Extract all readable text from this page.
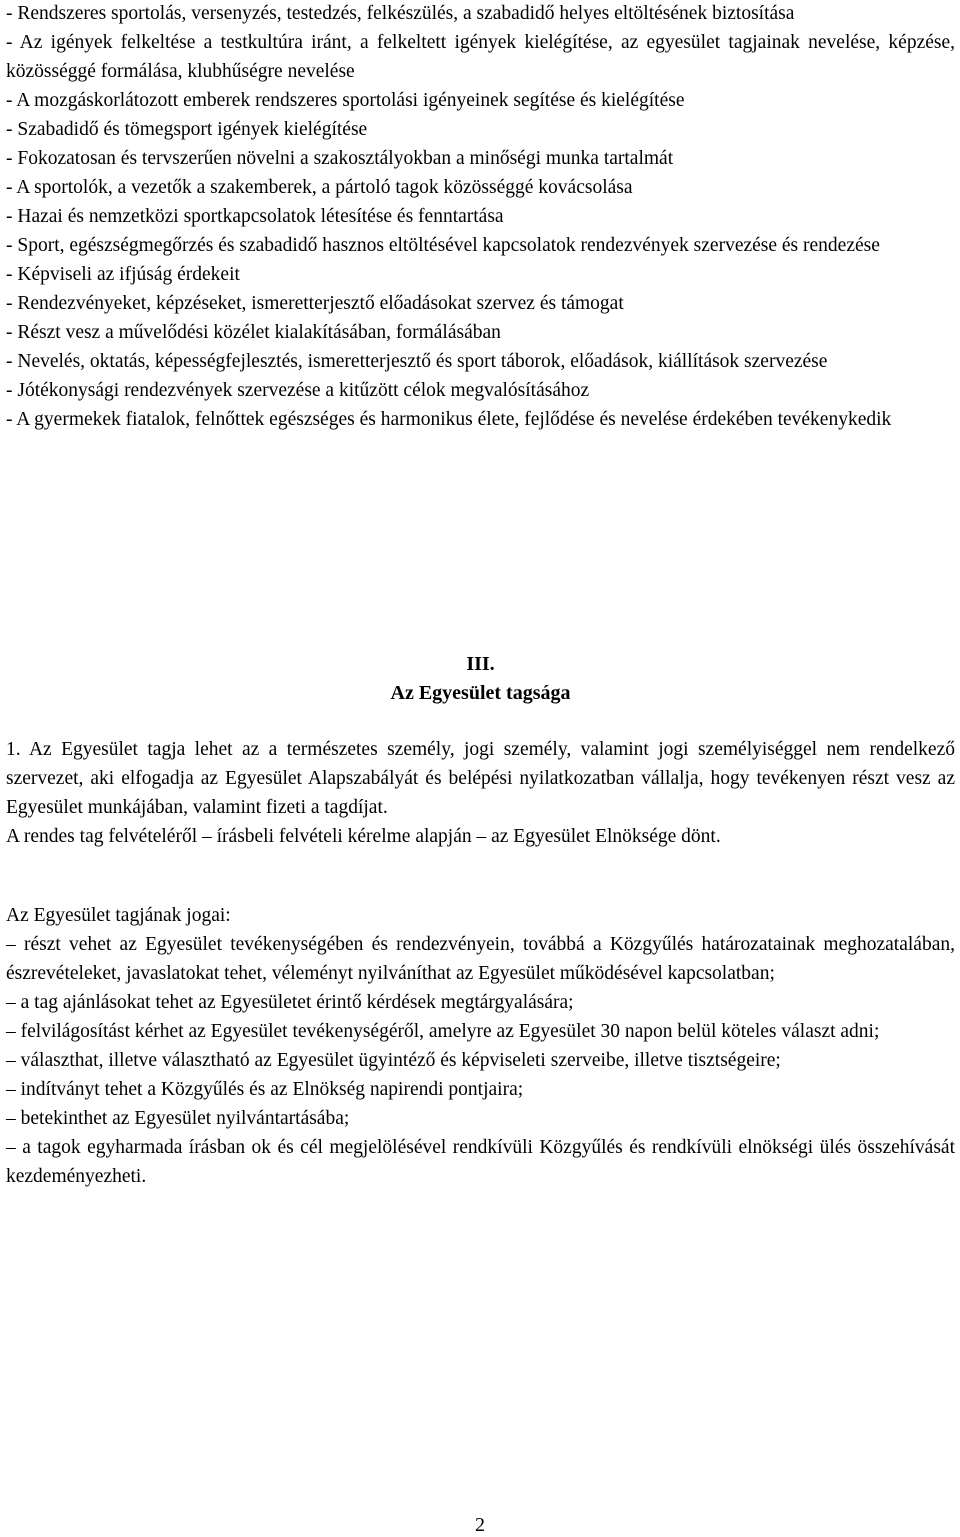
- Rendszeres sportolás, versenyzés, testedzés, felkészülés, a szabadidő helyes eltöltésének biztosítása

- Az igények felkeltése a testkultúra iránt, a felkeltett igények kielégítése, az egyesület tagjainak nevelése, képzése, közösséggé formálása, klubhűségre nevelése

- A mozgáskorlátozott emberek rendszeres sportolási igényeinek segítése és kielégítése

- Szabadidő és tömegsport igények kielégítése

- Fokozatosan és tervszerűen növelni a szakosztályokban a minőségi munka tartalmát

- A sportolók, a vezetők a szakemberek, a pártoló tagok közösséggé kovácsolása

- Hazai és nemzetközi sportkapcsolatok létesítése és fenntartása

- Sport, egészségmegőrzés és szabadidő hasznos eltöltésével kapcsolatok rendezvények szervezése és rendezése

- Képviseli az ifjúság érdekeit

- Rendezvényeket, képzéseket, ismeretterjesztő előadásokat szervez és támogat

- Részt vesz a művelődési közélet kialakításában, formálásában

- Nevelés, oktatás, képességfejlesztés, ismeretterjesztő és sport táborok, előadások, kiállítások szervezése

- Jótékonysági rendezvények szervezése a kitűzött célok megvalósításához

- A gyermekek fiatalok, felnőttek egészséges és harmonikus élete, fejlődése és nevelése érdekében tevékenykedik

1. Az Egyesület tagja lehet az a természetes személy, jogi személy, valamint jogi személyiséggel nem rendelkező szervezet, aki elfogadja az Egyesület Alapszabályát és belépési nyilatkozatban vállalja, hogy tevékenyen részt vesz az Egyesület munkájában, valamint fizeti a tagdíjat.

A rendes tag felvételéről – írásbeli felvételi kérelme alapján – az Egyesület Elnöksége dönt.

Az Egyesület tagjának jogai:

– részt vehet az Egyesület tevékenységében és rendezvényein, továbbá a Közgyűlés határozatainak meghozatalában, észrevételeket, javaslatokat tehet, véleményt nyilváníthat az Egyesület működésével kapcsolatban;

– a tag ajánlásokat tehet az Egyesületet érintő kérdések megtárgyalására;

– felvilágosítást kérhet az Egyesület tevékenységéről, amelyre az Egyesület 30 napon belül köteles választ adni;

– választhat, illetve választható az Egyesület ügyintéző és képviseleti szerveibe, illetve tisztségeire;

– indítványt tehet a Közgyűlés és az Elnökség napirendi pontjaira;

– betekinthet az Egyesület nyilvántartásába;

– a tagok egyharmada írásban ok és cél megjelölésével rendkívüli Közgyűlés és rendkívüli elnökségi ülés összehívását kezdeményezheti.

III.
Az Egyesület tagsága
2
